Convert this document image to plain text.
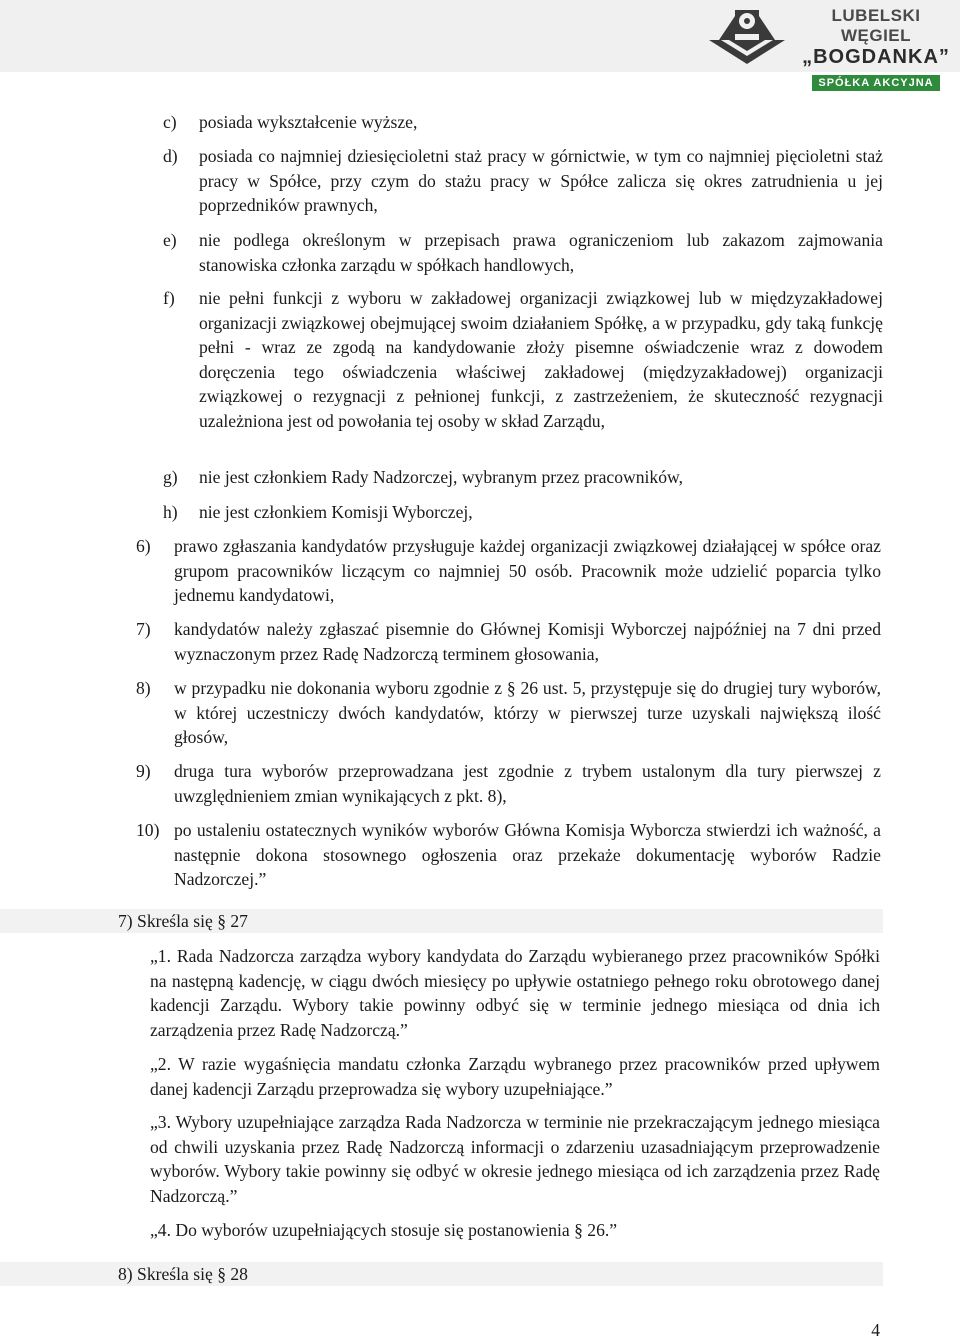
LUBELSKI WĘGIEL
„BOGDANKA”
SPÓŁKA AKCYJNA
c)	posiada wykształcenie wyższe,
d)	posiada co najmniej dziesięcioletni staż pracy w górnictwie, w tym co najmniej pięcioletni staż pracy w Spółce, przy czym do stażu pracy w Spółce zalicza się okres zatrudnienia u jej poprzedników prawnych,
e)	nie podlega określonym w przepisach prawa ograniczeniom lub zakazom zajmowania stanowiska członka zarządu w spółkach handlowych,
f)	nie pełni funkcji z wyboru w zakładowej organizacji związkowej lub w międzyzakładowej organizacji związkowej obejmującej swoim działaniem Spółkę, a w przypadku, gdy taką funkcję pełni - wraz ze zgodą na kandydowanie złoży pisemne oświadczenie wraz z dowodem doręczenia tego oświadczenia właściwej zakładowej (międzyzakładowej) organizacji związkowej o rezygnacji z pełnionej funkcji, z zastrzeżeniem, że skuteczność rezygnacji uzależniona jest od powołania tej osoby w skład Zarządu,
g)	nie jest członkiem Rady Nadzorczej, wybranym przez pracowników,
h)	nie jest członkiem Komisji Wyborczej,
6)	prawo zgłaszania kandydatów przysługuje każdej organizacji związkowej działającej w spółce oraz grupom pracowników liczącym co najmniej 50 osób. Pracownik może udzielić poparcia tylko jednemu kandydatowi,
7)	kandydatów należy zgłaszać pisemnie do Głównej Komisji Wyborczej najpóźniej na 7 dni przed wyznaczonym przez Radę Nadzorczą terminem głosowania,
8)	w przypadku nie dokonania wyboru zgodnie z § 26 ust. 5, przystępuje się do drugiej tury wyborów, w której uczestniczy dwóch kandydatów, którzy w pierwszej turze uzyskali największą ilość głosów,
9)	druga tura wyborów przeprowadzana jest zgodnie z trybem ustalonym dla tury pierwszej z uwzględnieniem zmian wynikających z pkt. 8),
10) po ustaleniu ostatecznych wyników wyborów Główna Komisja Wyborcza stwierdzi ich ważność, a następnie dokona stosownego ogłoszenia oraz przekaże dokumentację wyborów Radzie Nadzorczej.”
7) Skreśla się § 27
„1. Rada Nadzorcza zarządza wybory kandydata do Zarządu wybieranego przez pracowników Spółki na następną kadencję, w ciągu dwóch miesięcy po upływie ostatniego pełnego roku obrotowego danej kadencji Zarządu. Wybory takie powinny odbyć się w terminie jednego miesiąca od dnia ich zarządzenia przez Radę Nadzorczą.”
„2. W razie wygaśnięcia mandatu członka Zarządu wybranego przez pracowników przed upływem danej kadencji Zarządu przeprowadza się wybory uzupełniające.”
„3. Wybory uzupełniające zarządza Rada Nadzorcza w terminie nie przekraczającym jednego miesiąca od chwili uzyskania przez Radę Nadzorczą informacji o zdarzeniu uzasadniającym przeprowadzenie wyborów. Wybory takie powinny się odbyć w okresie jednego miesiąca od ich zarządzenia przez Radę Nadzorczą.”
„4. Do wyborów uzupełniających stosuje się postanowienia § 26.”
8) Skreśla się § 28
4
